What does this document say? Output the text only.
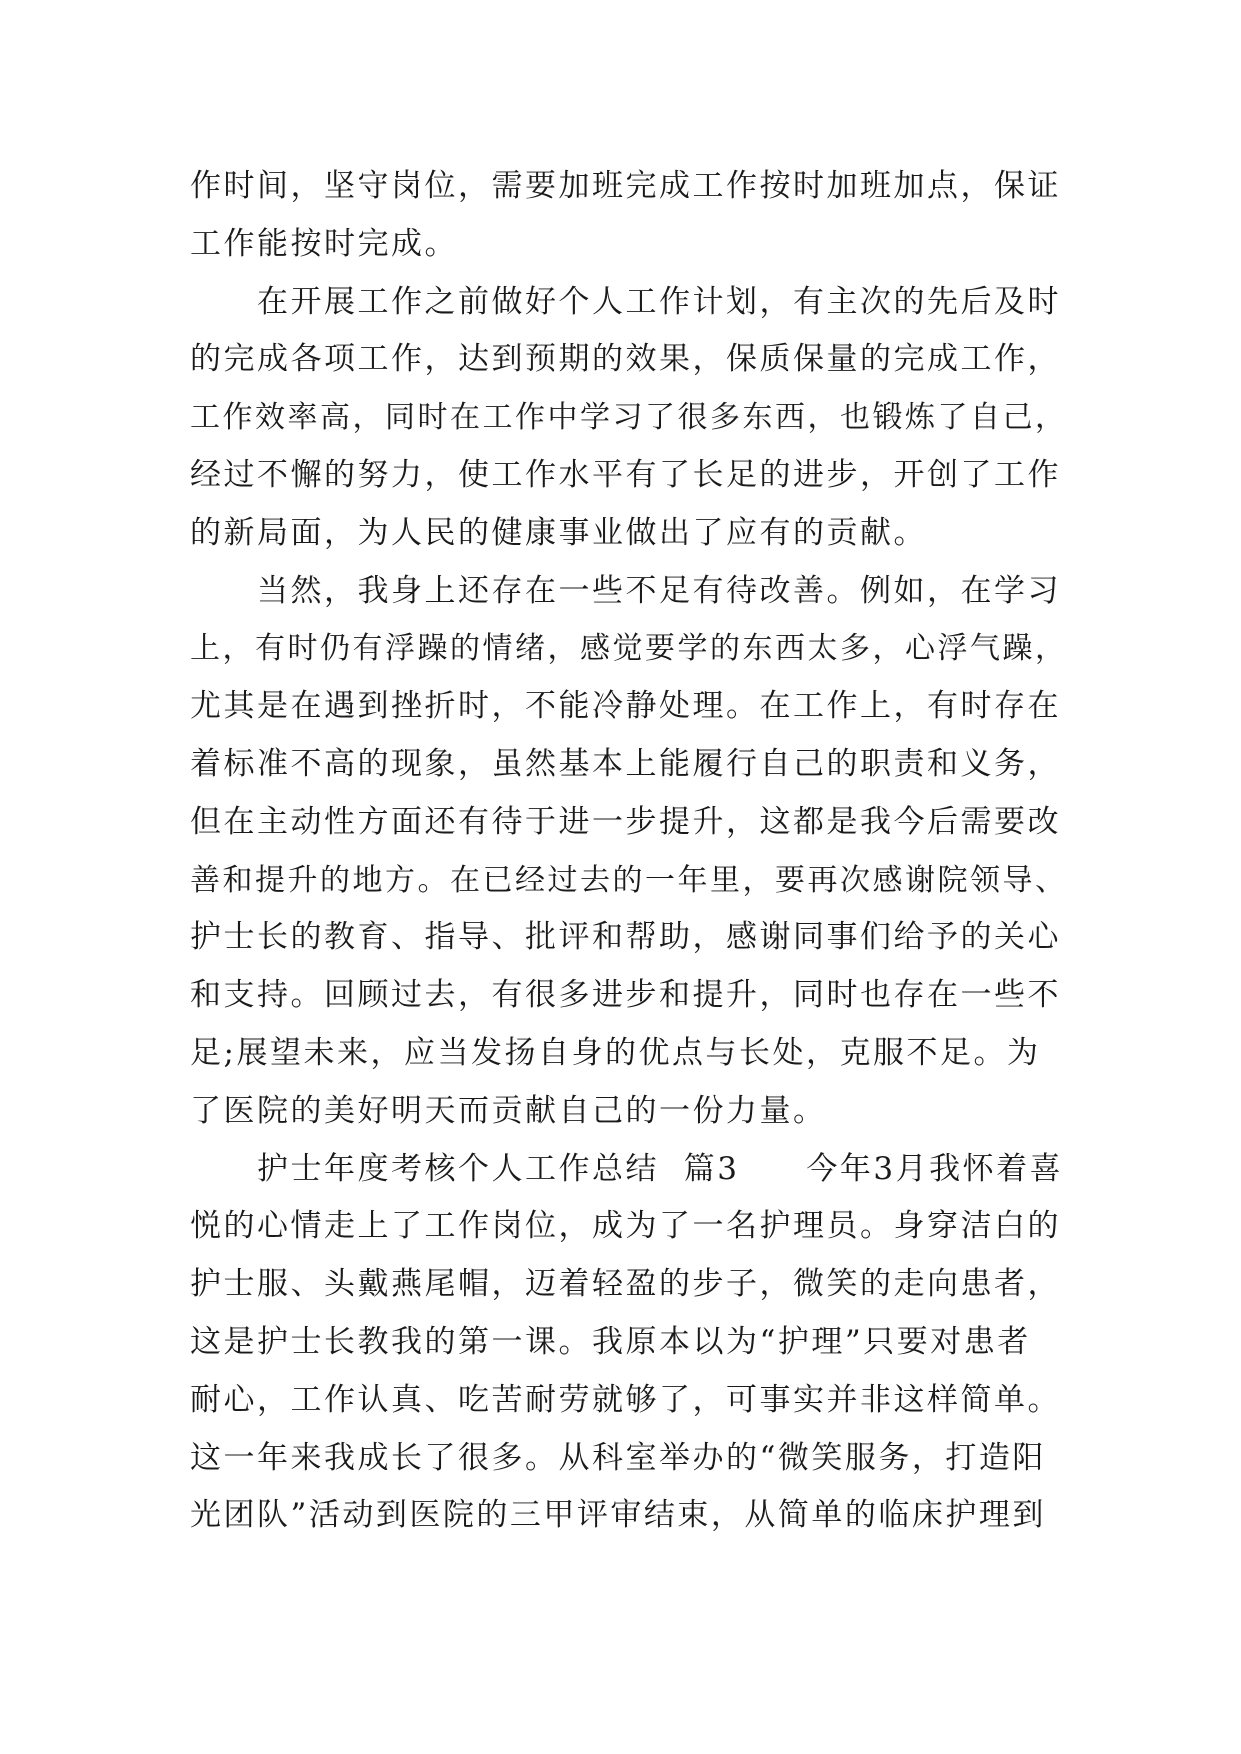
作时间，坚守岗位，需要加班完成工作按时加班加点，保证
工作能按时完成。
在开展工作之前做好个人工作计划，有主次的先后及时
的完成各项工作，达到预期的效果，保质保量的完成工作，
工作效率高，同时在工作中学习了很多东西，也锻炼了自己，
经过不懈的努力，使工作水平有了长足的进步，开创了工作
的新局面，为人民的健康事业做出了应有的贡献。
当然，我身上还存在一些不足有待改善。例如，在学习
上，有时仍有浮躁的情绪，感觉要学的东西太多，心浮气躁，
尤其是在遇到挫折时，不能冷静处理。在工作上，有时存在
着标准不高的现象，虽然基本上能履行自己的职责和义务，
但在主动性方面还有待于进一步提升，这都是我今后需要改
善和提升的地方。在已经过去的一年里，要再次感谢院领导、
护士长的教育、指导、批评和帮助，感谢同事们给予的关心
和支持。回顾过去，有很多进步和提升，同时也存在一些不
足;展望未来，应当发扬自身的优点与长处，克服不足。为
了医院的美好明天而贡献自己的一份力量。
护士年度考核个人工作总结  篇3　　今年3月我怀着喜
悦的心情走上了工作岗位，成为了一名护理员。身穿洁白的
护士服、头戴燕尾帽，迈着轻盈的步子，微笑的走向患者，
这是护士长教我的第一课。我原本以为“护理”只要对患者
耐心，工作认真、吃苦耐劳就够了，可事实并非这样简单。
这一年来我成长了很多。从科室举办的“微笑服务，打造阳
光团队”活动到医院的三甲评审结束，从简单的临床护理到
